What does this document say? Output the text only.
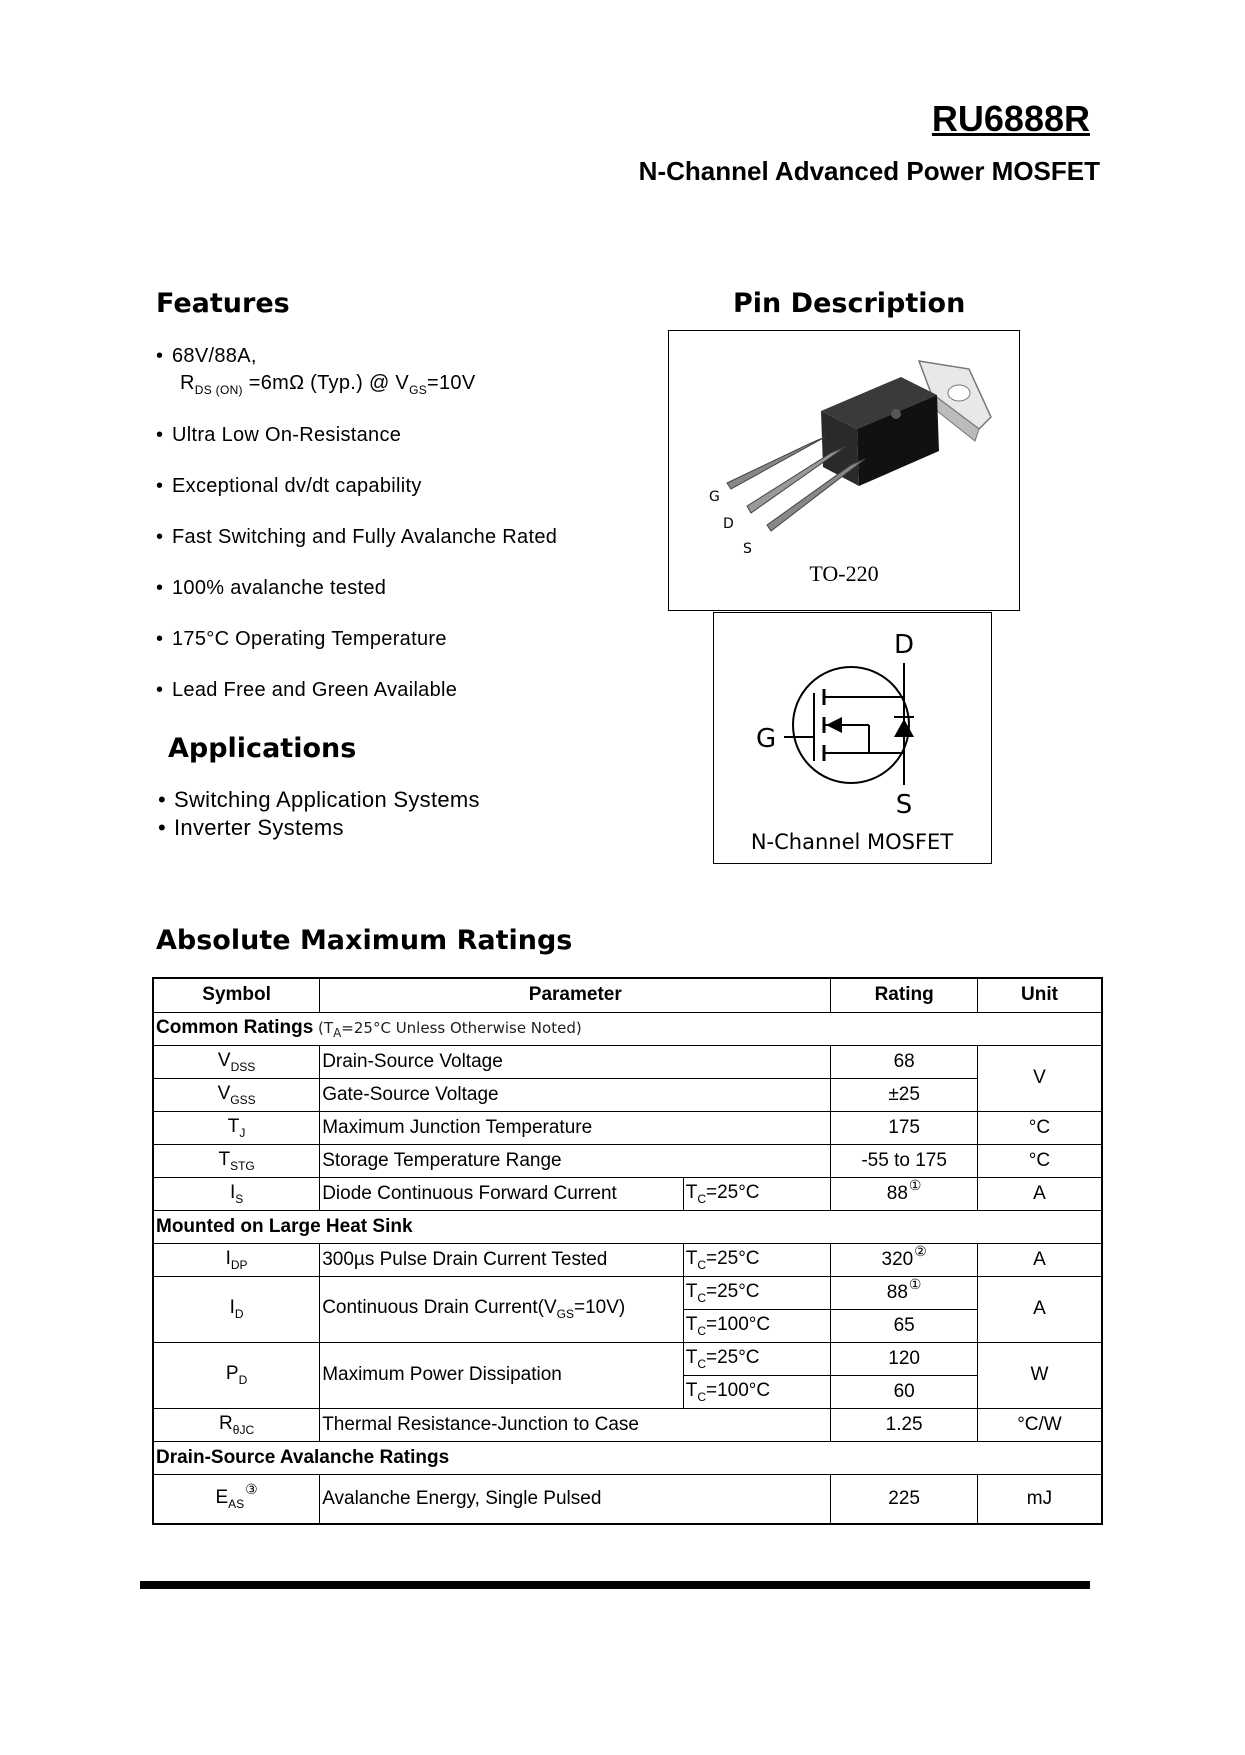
RU6888R
N-Channel Advanced Power MOSFET
Features
• 68V/88A,
$R_{DS (ON)} =6m\Omega$ (Typ.) @ $V_{GS}=10V$
• Ultra Low On-Resistance
• Exceptional dv/dt capability
• Fast Switching and Fully Avalanche Rated
• 100% avalanche tested
• 175°C Operating Temperature
• Lead Free and Green Available
Applications
• Switching Application Systems
• Inverter Systems
Pin Description
G
D
S
TO-220
D
G
S
N-Channel MOSFET
Absolute Maximum Ratings
Symbol	Parameter		Rating	Unit
Common Ratings ($T_A=25^\circ C$ Unless Otherwise Noted)				
$V_{DSS}$	Drain-Source Voltage		68	V
$V_{GSS}$	Gate-Source Voltage		±25	
$T_J$	Maximum Junction Temperature		175	°C
$T_{STG}$	Storage Temperature Range		-55 to 175	°C
$I_S$	Diode Continuous Forward Current	$T_C=25^\circ C$	88①	A
Mounted on Large Heat Sink				
$I_{DP}$	300µs Pulse Drain Current Tested	$T_C=25^\circ C$	320②	A
$I_D$	Continuous Drain $Current(V_{GS}=10V)$	$T_C=25^\circ C$	88①	A
		$T_C=100^\circ C$	65	
$P_D$	Maximum Power Dissipation	$T_C=25^\circ C$	120	W
		$T_C=100^\circ C$	60	
$R_{\theta JC}$	Thermal Resistance-Junction to Case		1.25	°C/W
Drain-Source Avalanche Ratings				
$E_{AS}^③$	Avalanche Energy, Single Pulsed		225	mJ
